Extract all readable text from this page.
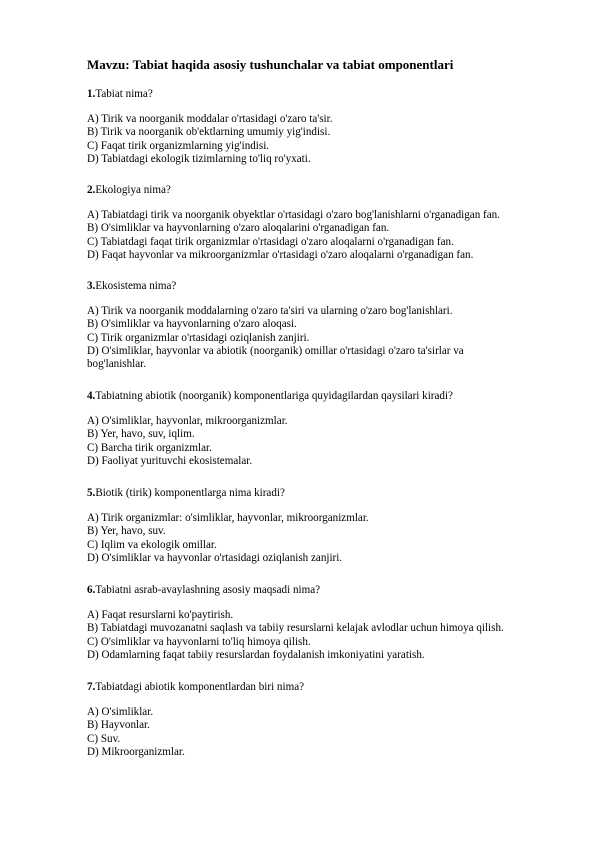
Mavzu: Tabiat haqida asosiy tushunchalar va tabiat omponentlari
1.Tabiat nima?
A) Tirik va noorganik moddalar o'rtasidagi o'zaro ta'sir.
B) Tirik va noorganik ob'ektlarning umumiy yig'indisi.
C) Faqat tirik organizmlarning yig'indisi.
D) Tabiatdagi ekologik tizimlarning to'liq ro'yxati.
2.Ekologiya nima?
A) Tabiatdagi tirik va noorganik obyektlar o'rtasidagi o'zaro bog'lanishlarni o'rganadigan fan.
B) O'simliklar va hayvonlarning o'zaro aloqalarini o'rganadigan fan.
C) Tabiatdagi faqat tirik organizmlar o'rtasidagi o'zaro aloqalarni o'rganadigan fan.
D) Faqat hayvonlar va mikroorganizmlar o'rtasidagi o'zaro aloqalarni o'rganadigan fan.
3.Ekosistema nima?
A) Tirik va noorganik moddalarning o'zaro ta'siri va ularning o'zaro bog'lanishlari.
B) O'simliklar va hayvonlarning o'zaro aloqasi.
C) Tirik organizmlar o'rtasidagi oziqlanish zanjiri.
D) O'simliklar, hayvonlar va abiotik (noorganik) omillar o'rtasidagi o'zaro ta'sirlar va bog'lanishlar.
4.Tabiatning abiotik (noorganik) komponentlariga quyidagilardan qaysilari kiradi?
A) O'simliklar, hayvonlar, mikroorganizmlar.
B) Yer, havo, suv, iqlim.
C) Barcha tirik organizmlar.
D) Faoliyat yurituvchi ekosistemalar.
5.Biotik (tirik) komponentlarga nima kiradi?
A) Tirik organizmlar: o'simliklar, hayvonlar, mikroorganizmlar.
B) Yer, havo, suv.
C) Iqlim va ekologik omillar.
D) O'simliklar va hayvonlar o'rtasidagi oziqlanish zanjiri.
6.Tabiatni asrab-avaylashning asosiy maqsadi nima?
A) Faqat resurslarni ko'paytirish.
B) Tabiatdagi muvozanatni saqlash va tabiiy resurslarni kelajak avlodlar uchun himoya qilish.
C) O'simliklar va hayvonlarni to'liq himoya qilish.
D) Odamlarning faqat tabiiy resurslardan foydalanish imkoniyatini yaratish.
7.Tabiatdagi abiotik komponentlardan biri nima?
A) O'simliklar.
B) Hayvonlar.
C) Suv.
D) Mikroorganizmlar.
